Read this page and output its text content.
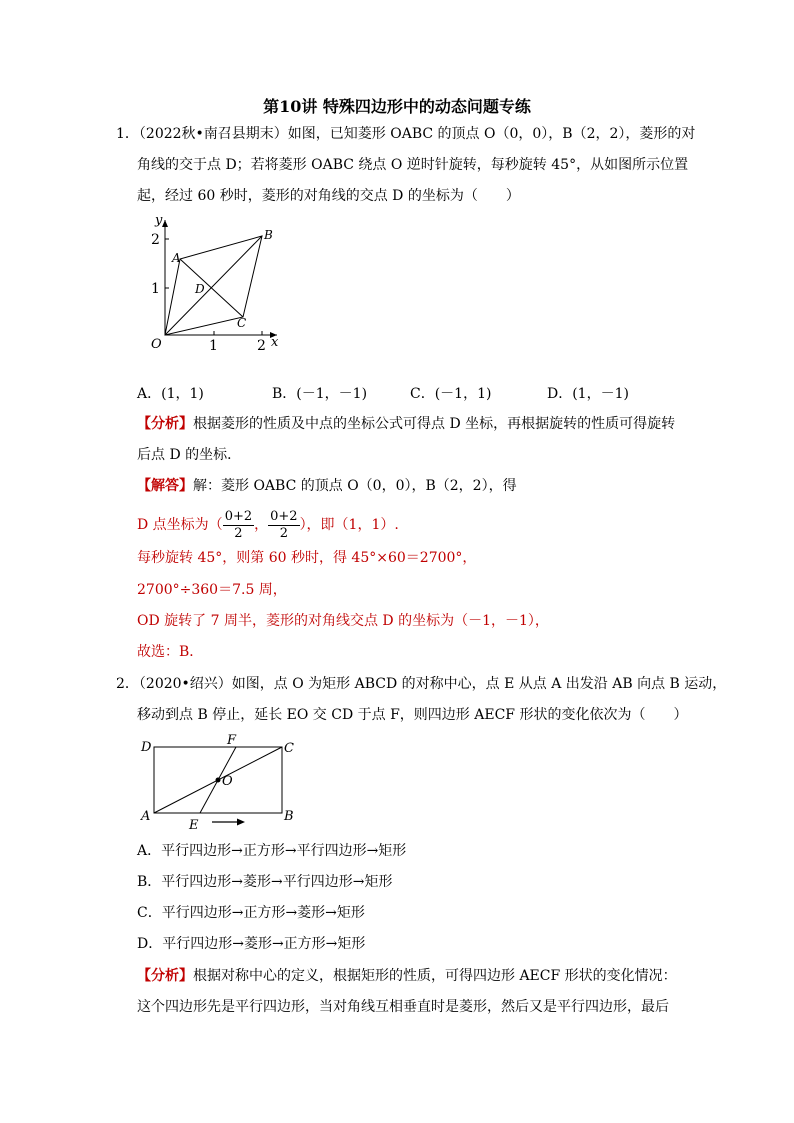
第10讲 特殊四边形中的动态问题专练
1．（2022秋•南召县期末）如图，已知菱形 OABC 的顶点 O（0，0），B（2，2），菱形的对
角线的交于点 D；若将菱形 OABC 绕点 O 逆时针旋转，每秒旋转 45°，从如图所示位置
起，经过 60 秒时，菱形的对角线的交点 D 的坐标为（　　）
y
x
O	1	2
1
2
A
B
C
D
A．(1，1)	B．(－1，－1)	C．(－1，1)	D．(1，－1)
【分析】根据菱形的性质及中点的坐标公式可得点 D 坐标，再根据旋转的性质可得旋转
后点 D 的坐标．
【解答】解：菱形 OABC 的顶点 O（0，0），B（2，2），得
D 点坐标为（ $\frac{0+2}{2}$ ， $\frac{0+2}{2}$ ），即（1，1）.
每秒旋转 45°，则第 60 秒时，得 45°×60＝2700°，
2700°÷360＝7.5 周，
OD 旋转了 7 周半，菱形的对角线交点 D 的坐标为（－1，－1），
故选：B．
2．（2020•绍兴）如图，点 O 为矩形 ABCD 的对称中心，点 E 从点 A 出发沿 AB 向点 B 运动，
移动到点 B 停止，延长 EO 交 CD 于点 F，则四边形 AECF 形状的变化依次为（　　）
D	F
C
A	B
E
O
A．平行四边形→正方形→平行四边形→矩形
B．平行四边形→菱形→平行四边形→矩形
C．平行四边形→正方形→菱形→矩形
D．平行四边形→菱形→正方形→矩形
【分析】根据对称中心的定义，根据矩形的性质，可得四边形 AECF 形状的变化情况：
这个四边形先是平行四边形，当对角线互相垂直时是菱形，然后又是平行四边形，最后
